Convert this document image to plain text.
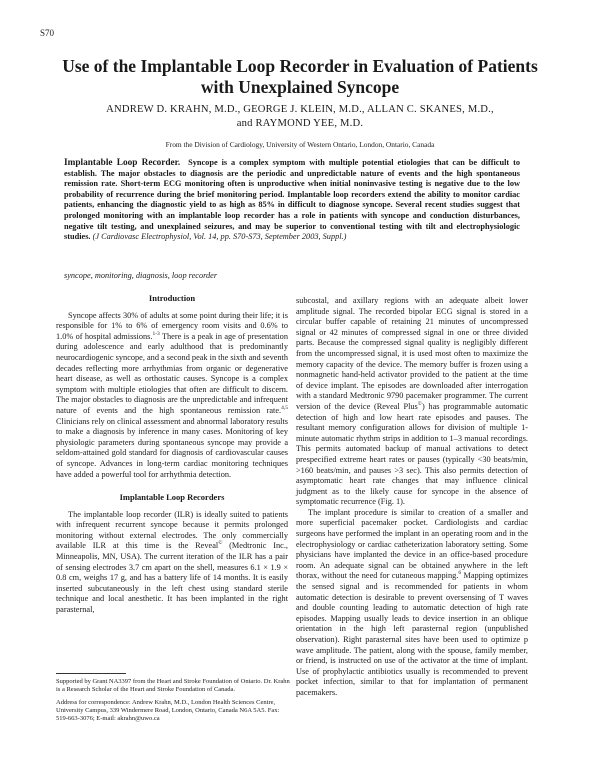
S70
Use of the Implantable Loop Recorder in Evaluation of Patients
with Unexplained Syncope
ANDREW D. KRAHN, M.D., GEORGE J. KLEIN, M.D., ALLAN C. SKANES, M.D.,
and RAYMOND YEE, M.D.
From the Division of Cardiology, University of Western Ontario, London, Ontario, Canada
Implantable Loop Recorder. Syncope is a complex symptom with multiple potential etiologies that can be difficult to establish. The major obstacles to diagnosis are the periodic and unpredictable nature of events and the high spontaneous remission rate. Short-term ECG monitoring often is unproductive when initial noninvasive testing is negative due to the low probability of recurrence during the brief monitoring period. Implantable loop recorders extend the ability to monitor cardiac patients, enhancing the diagnostic yield to as high as 85% in difficult to diagnose syncope. Several recent studies suggest that prolonged monitoring with an implantable loop recorder has a role in patients with syncope and conduction disturbances, negative tilt testing, and unexplained seizures, and may be superior to conventional testing with tilt and electrophysiologic studies. (J Cardiovasc Electrophysiol, Vol. 14, pp. S70-S73, September 2003, Suppl.)
syncope, monitoring, diagnosis, loop recorder
Introduction

Syncope affects 30% of adults at some point during their life; it is responsible for 1% to 6% of emergency room visits and 0.6% to 1.0% of hospital admissions.$^{1-3}$ There is a peak in age of presentation during adolescence and early adulthood that is predominantly neurocardiogenic syncope, and a second peak in the sixth and seventh decades reflecting more arrhythmias from organic or degenerative heart disease, as well as orthostatic causes. Syncope is a complex symptom with multiple etiologies that often are difficult to discern. The major obstacles to diagnosis are the unpredictable and infrequent nature of events and the high spontaneous remission rate.$^{4,5}$ Clinicians rely on clinical assessment and abnormal laboratory results to make a diagnosis by inference in many cases. Monitoring of key physiologic parameters during spontaneous syncope may provide a seldom-attained gold standard for diagnosis of cardiovascular causes of syncope. Advances in long-term cardiac monitoring techniques have added a powerful tool for arrhythmia detection.

Implantable Loop Recorders

The implantable loop recorder (ILR) is ideally suited to patients with infrequent recurrent syncope because it permits prolonged monitoring without external electrodes. The only commercially available ILR at this time is the Reveal© (Medtronic Inc., Minneapolis, MN, USA). The current iteration of the ILR has a pair of sensing electrodes 3.7 cm apart on the shell, measures 6.1 × 1.9 × 0.8 cm, weighs 17 g, and has a battery life of 14 months. It is easily inserted subcutaneously in the left chest using standard sterile technique and local anesthetic. It has been implanted in the right parasternal,

subcostal, and axillary regions with an adequate albeit lower amplitude signal. The recorded bipolar ECG signal is stored in a circular buffer capable of retaining 21 minutes of uncompressed signal or 42 minutes of compressed signal in one or three divided parts. Because the compressed signal quality is negligibly different from the uncompressed signal, it is used most often to maximize the memory capacity of the device. The memory buffer is frozen using a nonmagnetic hand-held activator provided to the patient at the time of device implant. The episodes are downloaded after interrogation with a standard Medtronic 9790 pacemaker programmer. The current version of the device (Reveal Plus©) has programmable automatic detection of high and low heart rate episodes and pauses. The resultant memory configuration allows for division of multiple 1-minute automatic rhythm strips in addition to 1–3 manual recordings. This permits automated backup of manual activations to detect prespecified extreme heart rates or pauses (typically <30 beats/min, >160 beats/min, and pauses >3 sec). This also permits detection of asymptomatic heart rate changes that may influence clinical judgment as to the likely cause for syncope in the absence of symptomatic recurrence (Fig. 1).

The implant procedure is similar to creation of a smaller and more superficial pacemaker pocket. Cardiologists and cardiac surgeons have performed the implant in an operating room and in the electrophysiology or cardiac catheterization laboratory setting. Some physicians have implanted the device in an office-based procedure room. An adequate signal can be obtained anywhere in the left thorax, without the need for cutaneous mapping.$^6$ Mapping optimizes the sensed signal and is recommended for patients in whom automatic detection is desirable to prevent oversensing of T waves and double counting leading to automatic detection of high rate episodes. Mapping usually leads to device insertion in an oblique orientation in the high left parasternal region (unpublished observation). Right parasternal sites have been used to optimize p wave amplitude. The patient, along with the spouse, family member, or friend, is instructed on use of the activator at the time of implant. Use of prophylactic antibiotics usually is recommended to prevent pocket infection, similar to that for implantation of permanent pacemakers.

Supported by Grant NA3397 from the Heart and Stroke Foundation of Ontario. Dr. Krahn is a Research Scholar of the Heart and Stroke Foundation of Canada.

Address for correspondence: Andrew Krahn, M.D., London Health Sciences Centre, University Campus, 339 Windermere Road, London, Ontario, Canada N6A 5A5. Fax: 519-663-3076; E-mail: akrahn@uwo.ca
